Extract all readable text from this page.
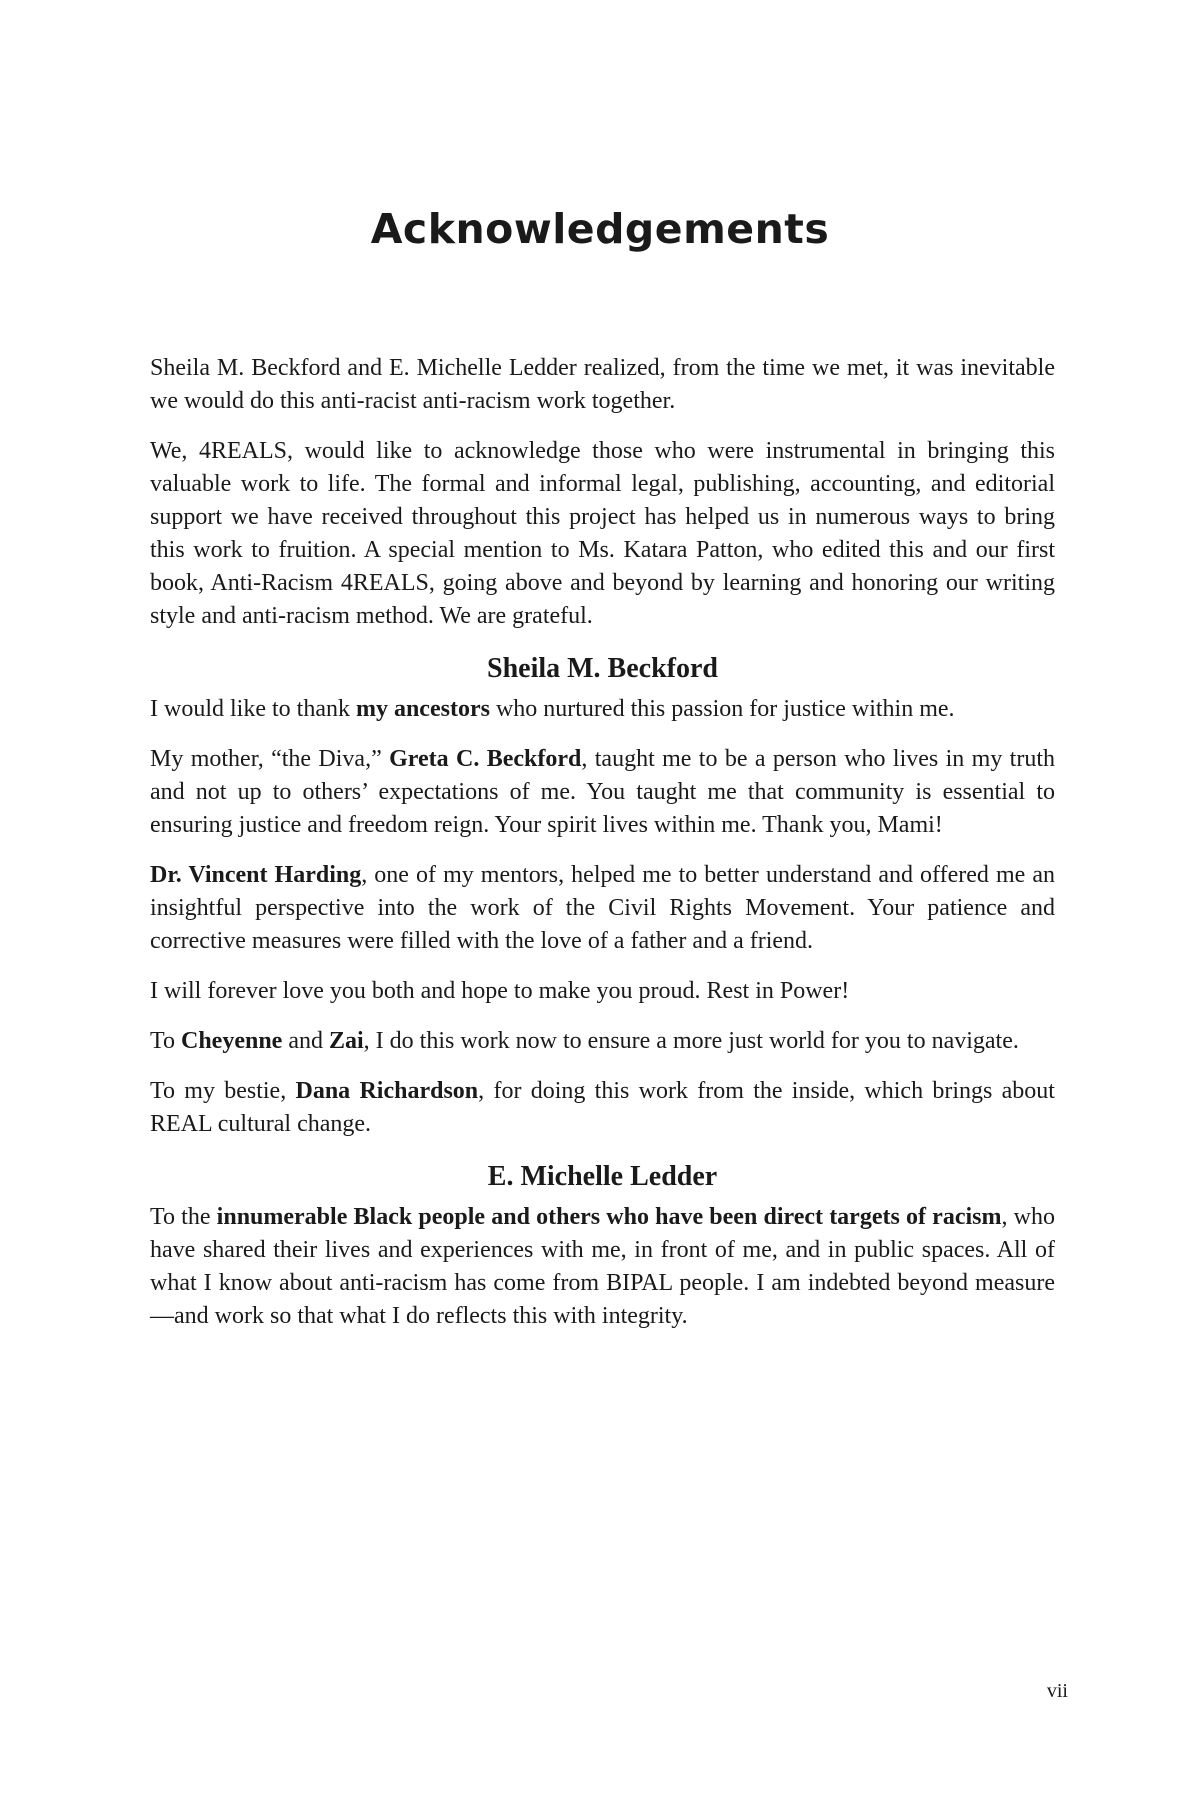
Acknowledgements

Sheila M. Beckford and E. Michelle Ledder realized, from the time we met, it was inevitable we would do this anti-racist anti-racism work together.

We, 4REALS, would like to acknowledge those who were instrumental in bringing this valuable work to life. The formal and informal legal, publishing, accounting, and editorial support we have received throughout this project has helped us in numerous ways to bring this work to fruition. A special mention to Ms. Katara Patton, who edited this and our first book, Anti-Racism 4REALS, going above and beyond by learning and honoring our writing style and anti-racism method. We are grateful.

Sheila M. Beckford

I would like to thank my ancestors who nurtured this passion for justice within me.

My mother, “the Diva,” Greta C. Beckford, taught me to be a person who lives in my truth and not up to others’ expectations of me. You taught me that community is essential to ensuring justice and freedom reign. Your spirit lives within me. Thank you, Mami!

Dr. Vincent Harding, one of my mentors, helped me to better understand and offered me an insightful perspective into the work of the Civil Rights Movement. Your patience and corrective measures were filled with the love of a father and a friend.

I will forever love you both and hope to make you proud. Rest in Power!

To Cheyenne and Zai, I do this work now to ensure a more just world for you to navigate.

To my bestie, Dana Richardson, for doing this work from the inside, which brings about REAL cultural change.

E. Michelle Ledder

To the innumerable Black people and others who have been direct targets of racism, who have shared their lives and experiences with me, in front of me, and in public spaces. All of what I know about anti-racism has come from BIPAL people. I am indebted beyond measure—and work so that what I do reflects this with integrity.

vii
